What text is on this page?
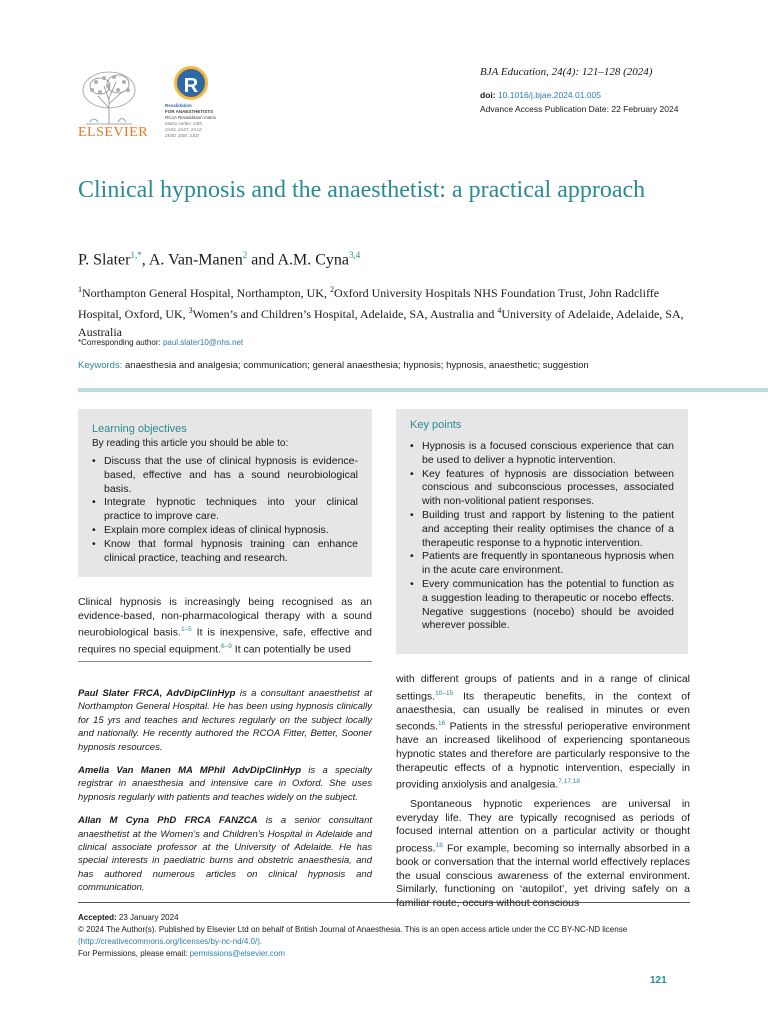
ELSEVIER
R
Revalidation
FOR ANAESTHETISTS
RCoA Revalidation matrix
Matrix codes: 1I05,
2A03, 2A07, 2A12,
2E00, 3I00, 3J02
BJA Education, 24(4): 121–128 (2024)
doi: 10.1016/j.bjae.2024.01.005
Advance Access Publication Date: 22 February 2024
Clinical hypnosis and the anaesthetist: a practical approach
P. Slater$^{1,*}$, A. Van-Manen$^2$ and A.M. Cyna$^{3,4}$
$^1$Northampton General Hospital, Northampton, UK, $^2$Oxford University Hospitals NHS Foundation Trust, John Radcliffe Hospital, Oxford, UK, $^3$Women’s and Children’s Hospital, Adelaide, SA, Australia and $^4$University of Adelaide, Adelaide, SA, Australia
*Corresponding author: paul.slater10@nhs.net
Keywords: anaesthesia and analgesia; communication; general anaesthesia; hypnosis; hypnosis, anaesthetic; suggestion
Learning objectives
By reading this article you should be able to:
• Discuss that the use of clinical hypnosis is evidence-based, effective and has a sound neurobiological basis.
• Integrate hypnotic techniques into your clinical practice to improve care.
• Explain more complex ideas of clinical hypnosis.
• Know that formal hypnosis training can enhance clinical practice, teaching and research.
Key points
• Hypnosis is a focused conscious experience that can be used to deliver a hypnotic intervention.
• Key features of hypnosis are dissociation between conscious and subconscious processes, associated with non-volitional patient responses.
• Building trust and rapport by listening to the patient and accepting their reality optimises the chance of a therapeutic response to a hypnotic intervention.
• Patients are frequently in spontaneous hypnosis when in the acute care environment.
• Every communication has the potential to function as a suggestion leading to therapeutic or nocebo effects. Negative suggestions (nocebo) should be avoided wherever possible.
Clinical hypnosis is increasingly being recognised as an evidence-based, non-pharmacological therapy with a sound neurobiological basis.$^{1-5}$ It is inexpensive, safe, effective and requires no special equipment.$^{6-9}$ It can potentially be used

Paul Slater FRCA, AdvDipClinHyp is a consultant anaesthetist at Northampton General Hospital. He has been using hypnosis clinically for 15 yrs and teaches and lectures regularly on the subject locally and nationally. He recently authored the RCOA Fitter, Better, Sooner hypnosis resources.

Amelia Van Manen MA MPhil AdvDipClinHyp is a specialty registrar in anaesthesia and intensive care in Oxford. She uses hypnosis regularly with patients and teaches widely on the subject.

Allan M Cyna PhD FRCA FANZCA is a senior consultant anaesthetist at the Women’s and Children’s Hospital in Adelaide and clinical associate professor at the University of Adelaide. He has special interests in paediatric burns and obstetric anaesthesia, and has authored numerous articles on clinical hypnosis and communication.

with different groups of patients and in a range of clinical settings.$^{10-15}$ Its therapeutic benefits, in the context of anaesthesia, can usually be realised in minutes or even seconds.$^{16}$ Patients in the stressful perioperative environment have an increased likelihood of experiencing spontaneous hypnotic states and therefore are particularly responsive to the therapeutic effects of a hypnotic intervention, especially in providing anxiolysis and analgesia.$^{7,17,18}$

Spontaneous hypnotic experiences are universal in everyday life. They are typically recognised as periods of focused internal attention on a particular activity or thought process.$^{18}$ For example, becoming so internally absorbed in a book or conversation that the internal world effectively replaces the usual conscious awareness of the external environment. Similarly, functioning on ‘autopilot’, yet driving safely on a

Accepted: 23 January 2024
© 2024 The Author(s). Published by Elsevier Ltd on behalf of British Journal of Anaesthesia. This is an open access article under the CC BY-NC-ND license
(http://creativecommons.org/licenses/by-nc-nd/4.0/).
For Permissions, please email: permissions@elsevier.com
121
